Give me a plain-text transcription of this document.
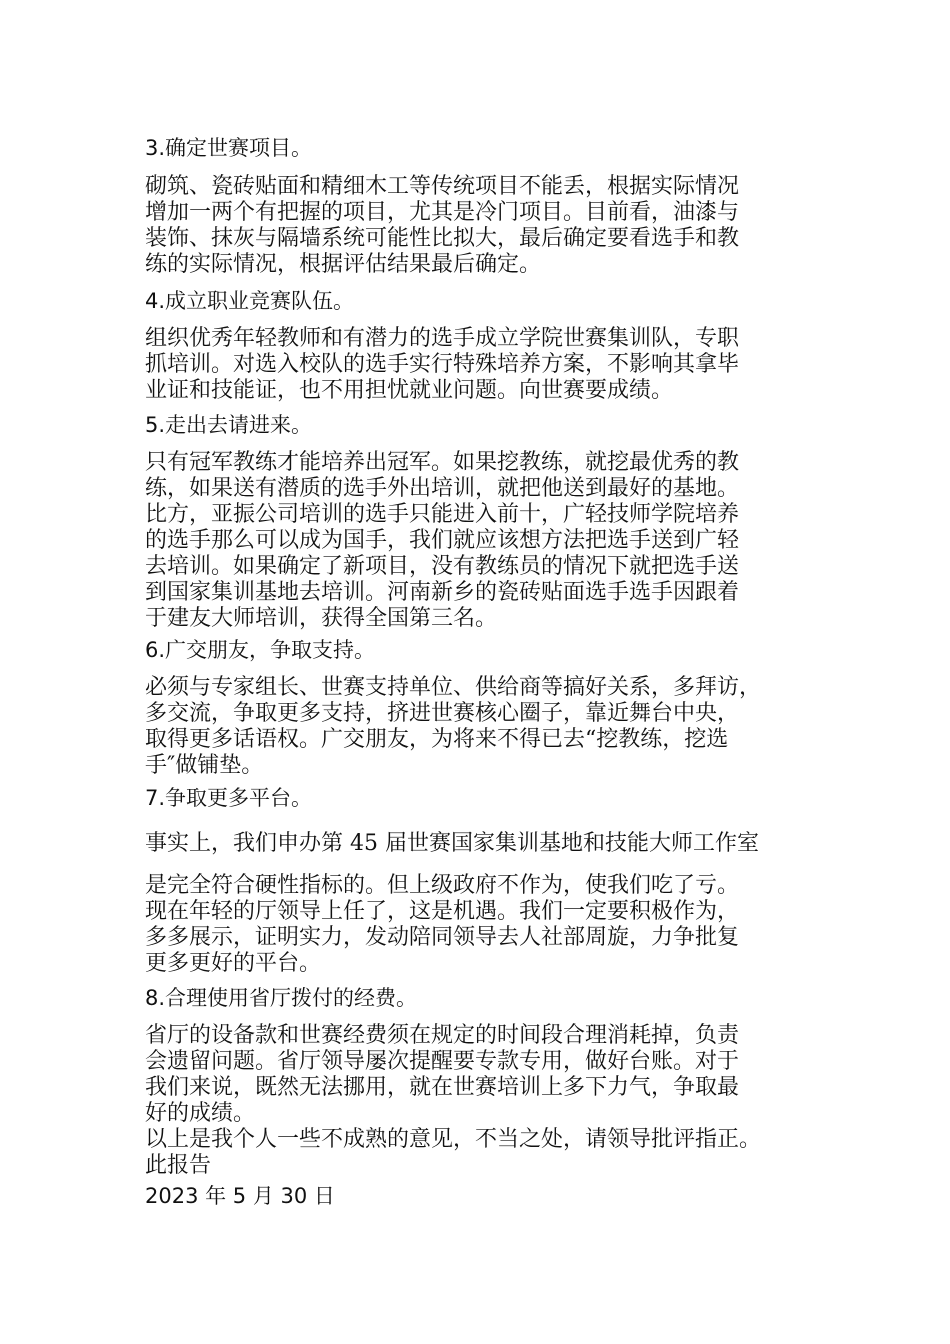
3.确定世赛项目。

砌筑、瓷砖贴面和精细木工等传统项目不能丢，根据实际情况
增加一两个有把握的项目，尤其是冷门项目。目前看，油漆与
装饰、抹灰与隔墙系统可能性比拟大，最后确定要看选手和教
练的实际情况，根据评估结果最后确定。

4.成立职业竞赛队伍。

组织优秀年轻教师和有潜力的选手成立学院世赛集训队，专职
抓培训。对选入校队的选手实行特殊培养方案，不影响其拿毕
业证和技能证，也不用担忧就业问题。向世赛要成绩。

5.走出去请进来。

只有冠军教练才能培养出冠军。如果挖教练，就挖最优秀的教
练，如果送有潜质的选手外出培训，就把他送到最好的基地。
比方，亚振公司培训的选手只能进入前十，广轻技师学院培养
的选手那么可以成为国手，我们就应该想方法把选手送到广轻
去培训。如果确定了新项目，没有教练员的情况下就把选手送
到国家集训基地去培训。河南新乡的瓷砖贴面选手选手因跟着
于建友大师培训，获得全国第三名。

6.广交朋友，争取支持。

必须与专家组长、世赛支持单位、供给商等搞好关系，多拜访，
多交流，争取更多支持，挤进世赛核心圈子，靠近舞台中央，
取得更多话语权。广交朋友，为将来不得已去“挖教练，挖选
手″做铺垫。

7.争取更多平台。

事实上，我们申办第 45 届世赛国家集训基地和技能大师工作室

是完全符合硬性指标的。但上级政府不作为，使我们吃了亏。
现在年轻的厅领导上任了，这是机遇。我们一定要积极作为，
多多展示，证明实力，发动陪同领导去人社部周旋，力争批复
更多更好的平台。

8.合理使用省厅拨付的经费。

省厅的设备款和世赛经费须在规定的时间段合理消耗掉，负责
会遗留问题。省厅领导屡次提醒要专款专用，做好台账。对于
我们来说，既然无法挪用，就在世赛培训上多下力气，争取最
好的成绩。
以上是我个人一些不成熟的意见，不当之处，请领导批评指正。
此报告

2023 年 5 月 30 日
